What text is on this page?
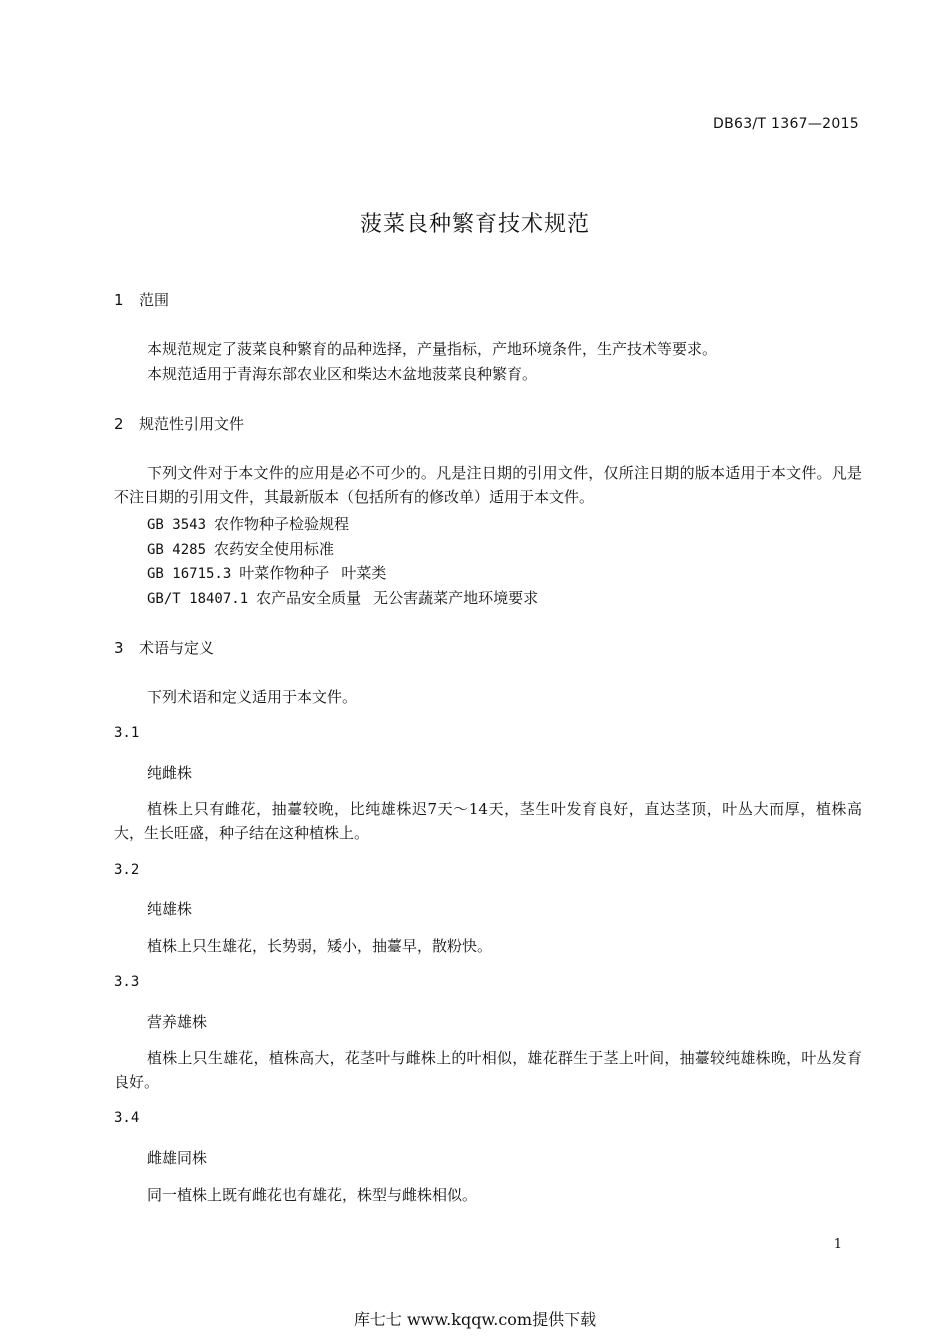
DB63/T 1367—2015
菠菜良种繁育技术规范
1 范围
本规范规定了菠菜良种繁育的品种选择，产量指标，产地环境条件，生产技术等要求。
本规范适用于青海东部农业区和柴达木盆地菠菜良种繁育。
2 规范性引用文件
下列文件对于本文件的应用是必不可少的。凡是注日期的引用文件，仅所注日期的版本适用于本文件。凡是不注日期的引用文件，其最新版本（包括所有的修改单）适用于本文件。
GB 3543 农作物种子检验规程
GB 4285 农药安全使用标准
GB 16715.3 叶菜作物种子 叶菜类
GB/T 18407.1 农产品安全质量 无公害蔬菜产地环境要求
3 术语与定义
下列术语和定义适用于本文件。
3.1
纯雌株
植株上只有雌花，抽薹较晚，比纯雄株迟7天～14天，茎生叶发育良好，直达茎顶，叶丛大而厚，植株高大，生长旺盛，种子结在这种植株上。
3.2
纯雄株
植株上只生雄花，长势弱，矮小，抽薹早，散粉快。
3.3
营养雄株
植株上只生雄花，植株高大，花茎叶与雌株上的叶相似，雄花群生于茎上叶间，抽薹较纯雄株晚，叶丛发育良好。
3.4
雌雄同株
同一植株上既有雌花也有雄花，株型与雌株相似。
1
库七七 www.kqqw.com提供下载
